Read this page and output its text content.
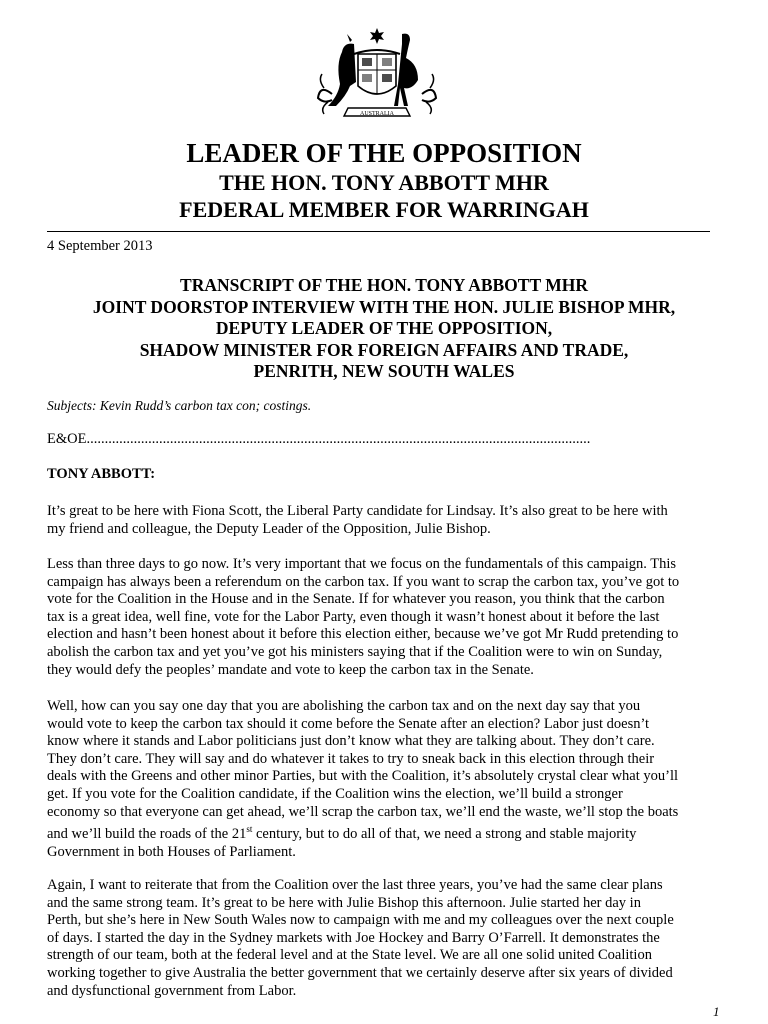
AUSTRALIA
LEADER OF THE OPPOSITION
THE HON. TONY ABBOTT MHR
FEDERAL MEMBER FOR WARRINGAH
4 September 2013
TRANSCRIPT OF THE HON. TONY ABBOTT MHR
JOINT DOORSTOP INTERVIEW WITH THE HON. JULIE BISHOP MHR,
DEPUTY LEADER OF THE OPPOSITION,
SHADOW MINISTER FOR FOREIGN AFFAIRS AND TRADE,
PENRITH, NEW SOUTH WALES
Subjects: Kevin Rudd’s carbon tax con; costings.
E&OE...........................................................................................................................................
TONY ABBOTT:
It’s great to be here with Fiona Scott, the Liberal Party candidate for Lindsay. It’s also great to be here with
my friend and colleague, the Deputy Leader of the Opposition, Julie Bishop.
Less than three days to go now. It’s very important that we focus on the fundamentals of this campaign. This
campaign has always been a referendum on the carbon tax. If you want to scrap the carbon tax, you’ve got to
vote for the Coalition in the House and in the Senate. If for whatever you reason, you think that the carbon
tax is a great idea, well fine, vote for the Labor Party, even though it wasn’t honest about it before the last
election and hasn’t been honest about it before this election either, because we’ve got Mr Rudd pretending to
abolish the carbon tax and yet you’ve got his ministers saying that if the Coalition were to win on Sunday,
they would defy the peoples’ mandate and vote to keep the carbon tax in the Senate.
Well, how can you say one day that you are abolishing the carbon tax and on the next day say that you
would vote to keep the carbon tax should it come before the Senate after an election? Labor just doesn’t
know where it stands and Labor politicians just don’t know what they are talking about. They don’t care.
They don’t care. They will say and do whatever it takes to try to sneak back in this election through their
deals with the Greens and other minor Parties, but with the Coalition, it’s absolutely crystal clear what you’ll
get. If you vote for the Coalition candidate, if the Coalition wins the election, we’ll build a stronger
economy so that everyone can get ahead, we’ll scrap the carbon tax, we’ll end the waste, we’ll stop the boats
and we’ll build the roads of the 21st century, but to do all of that, we need a strong and stable majority
Government in both Houses of Parliament.
Again, I want to reiterate that from the Coalition over the last three years, you’ve had the same clear plans
and the same strong team. It’s great to be here with Julie Bishop this afternoon. Julie started her day in
Perth, but she’s here in New South Wales now to campaign with me and my colleagues over the next couple
of days. I started the day in the Sydney markets with Joe Hockey and Barry O’Farrell. It demonstrates the
strength of our team, both at the federal level and at the State level. We are all one solid united Coalition
working together to give Australia the better government that we certainly deserve after six years of divided
and dysfunctional government from Labor.
1
